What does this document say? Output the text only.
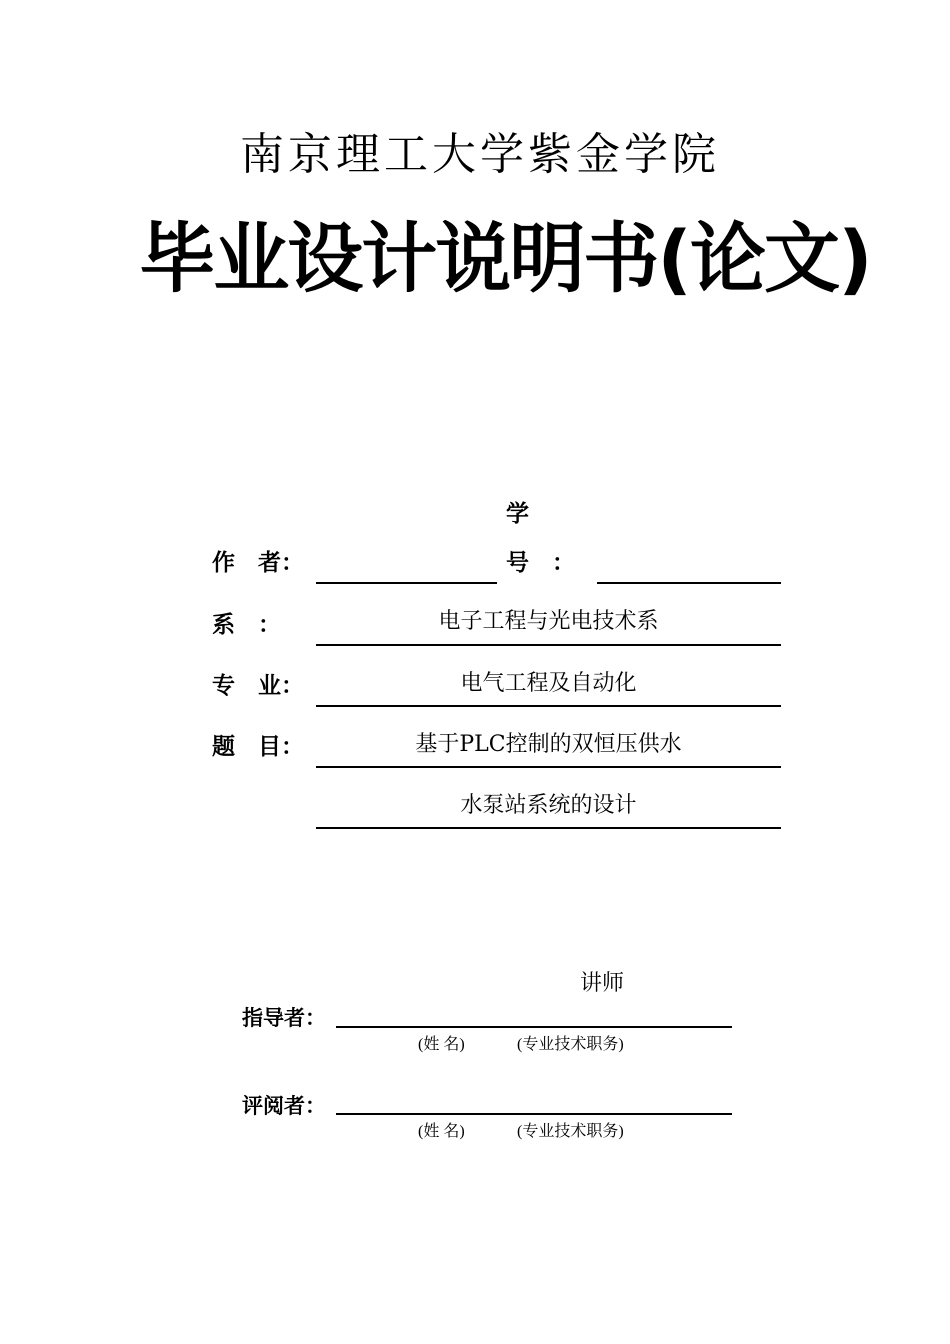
南京理工大学紫金学院
毕业设计说明书(论文)
作　者：
学
号　：
系　：	电子工程与光电技术系
专　业：	电气工程及自动化
题　目：	基于PLC控制的双恒压供水
水泵站系统的设计
讲师
指导者：
(姓 名)	(专业技术职务)
评阅者：
(姓 名)	(专业技术职务)
